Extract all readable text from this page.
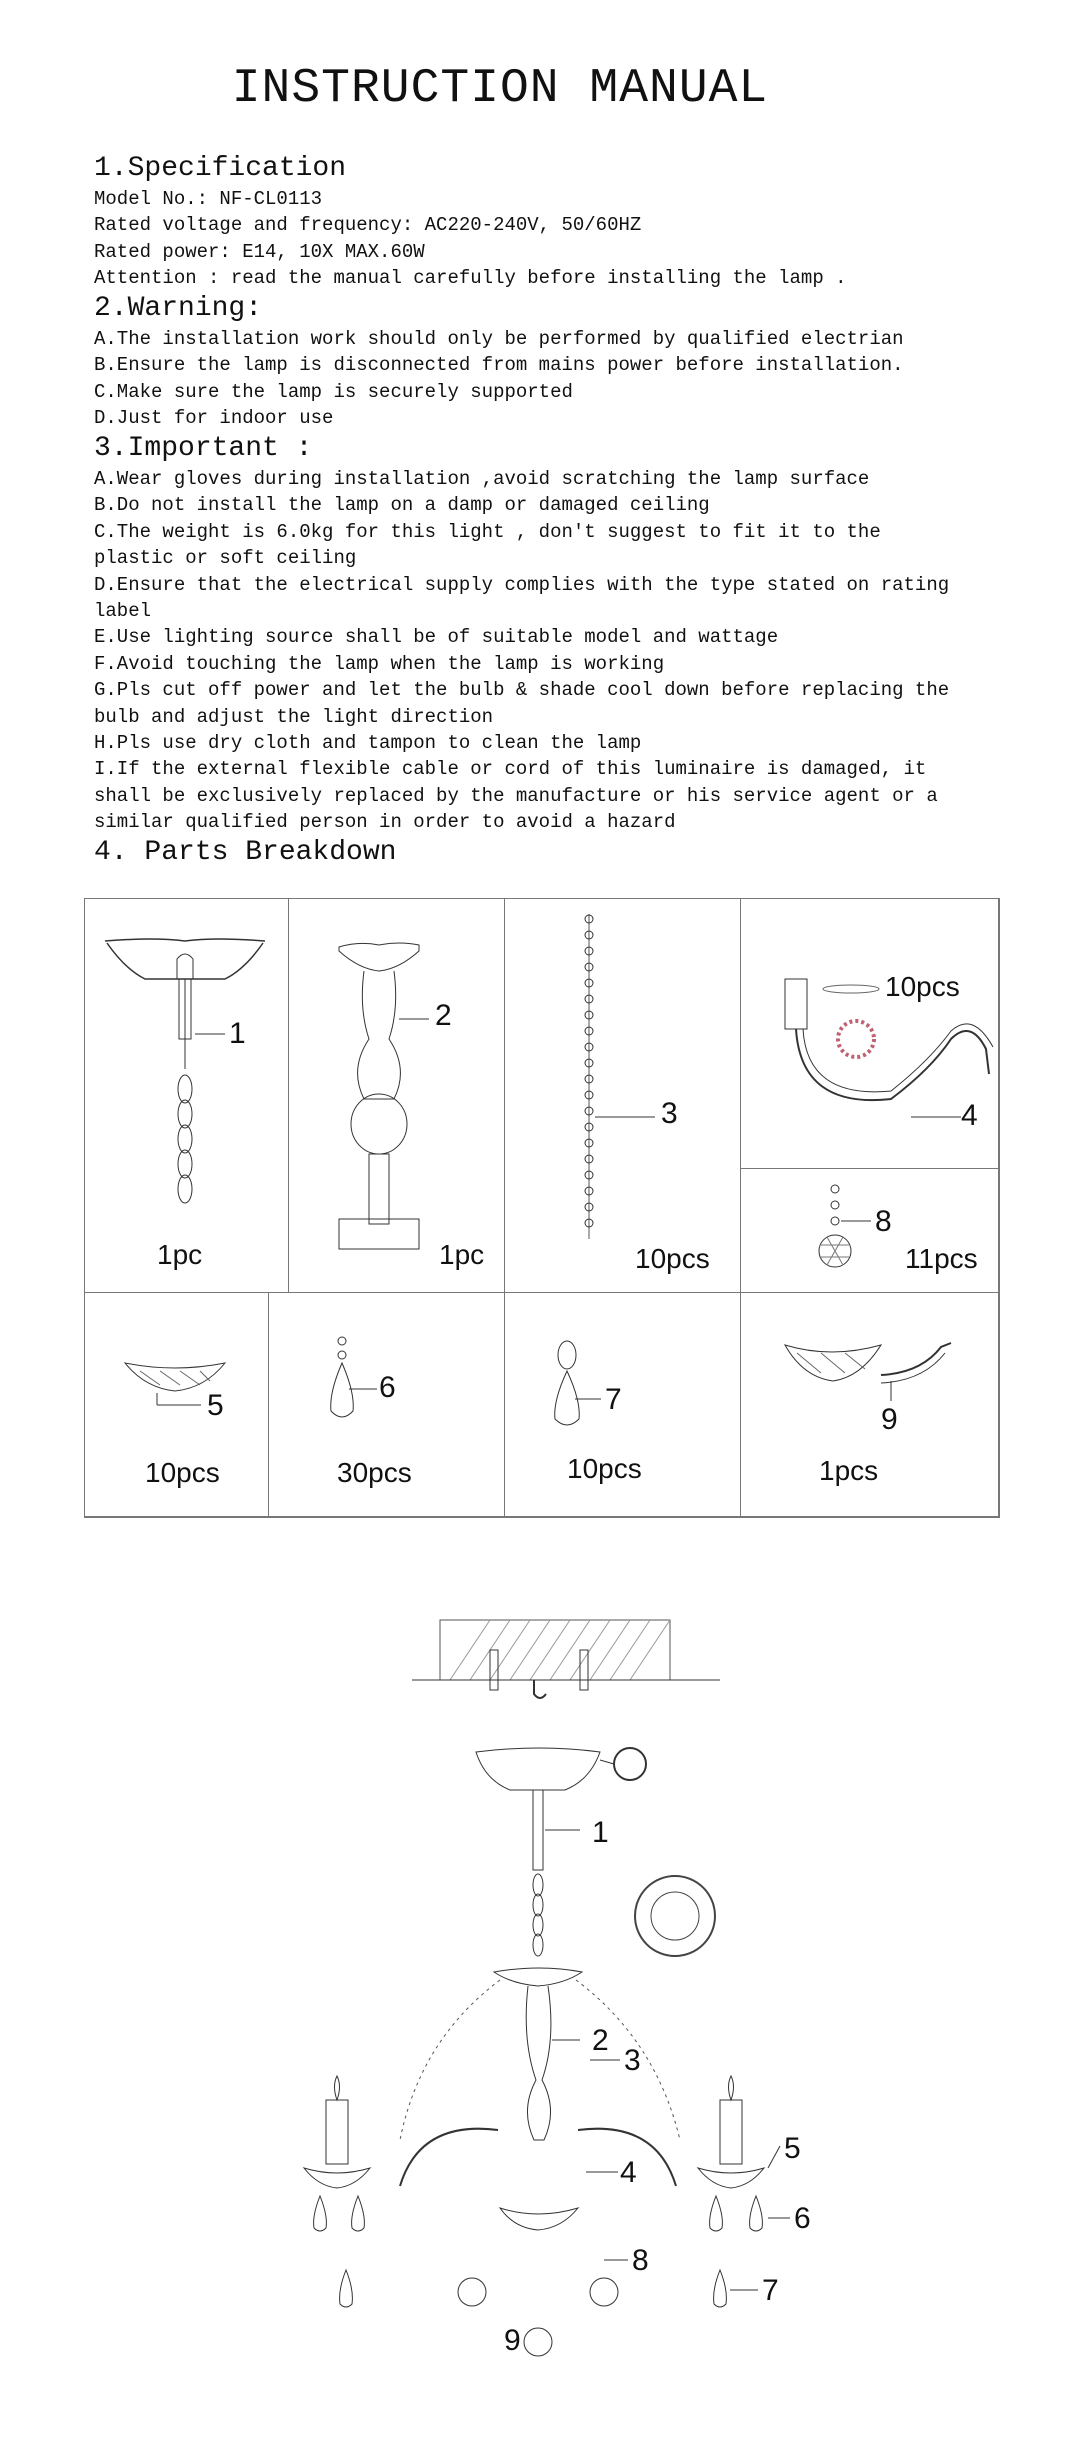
INSTRUCTION MANUAL

1.Specification

Model No.: NF-CL0113

Rated voltage and frequency: AC220-240V, 50/60HZ

Rated power: E14, 10X MAX.60W

Attention : read the manual carefully before installing the lamp .

2.Warning:

A.The installation work should only be performed by qualified electrian

B.Ensure the lamp is disconnected from mains power before installation.

C.Make sure the lamp is securely supported

D.Just for indoor use

3.Important :

A.Wear gloves during installation ,avoid scratching the lamp surface

B.Do not install the lamp on a damp or damaged ceiling

C.The weight is 6.0kg for this light , don't suggest to fit it to the

plastic or soft ceiling

D.Ensure that the electrical supply complies with the type stated on rating

label

E.Use lighting source shall be of suitable model and wattage

F.Avoid touching the lamp when the lamp is working

G.Pls cut off power and let the bulb & shade cool down before replacing the

bulb and adjust the light direction

H.Pls use dry cloth and tampon to clean the lamp

I.If the external flexible cable or cord of this luminaire is damaged, it

shall be exclusively replaced by the manufacture or his service agent or a

similar qualified person in order to avoid a hazard

4. Parts Breakdown

1
1pc
2
1pc
3
10pcs
10pcs
4
8
11pcs
5
10pcs
6
30pcs
7
10pcs
9
1pcs
1
2
3
4
5
6
7
8
9
